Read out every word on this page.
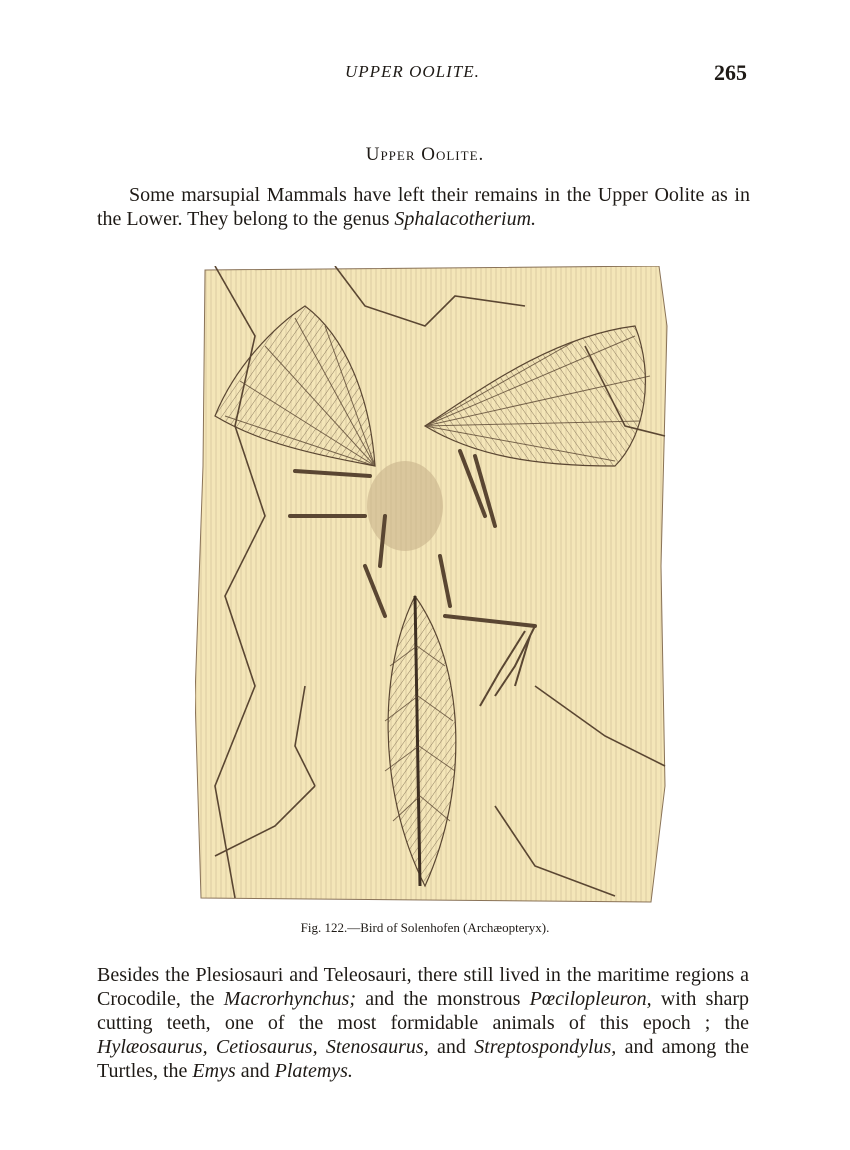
UPPER OOLITE.	265
Upper Oolite.

Some marsupial Mammals have left their remains in the Upper Oolite as in the Lower. They belong to the genus Sphalacotherium.

Fig. 122.—Bird of Solenhofen (Archæopteryx).

Besides the Plesiosauri and Teleosauri, there still lived in the maritime regions a Crocodile, the Macrorhynchus; and the monstrous Pœcilopleuron, with sharp cutting teeth, one of the most formidable animals of this epoch ; the Hylæosaurus, Cetiosaurus, Stenosaurus, and Streptospondylus, and among the Turtles, the Emys and Platemys.
